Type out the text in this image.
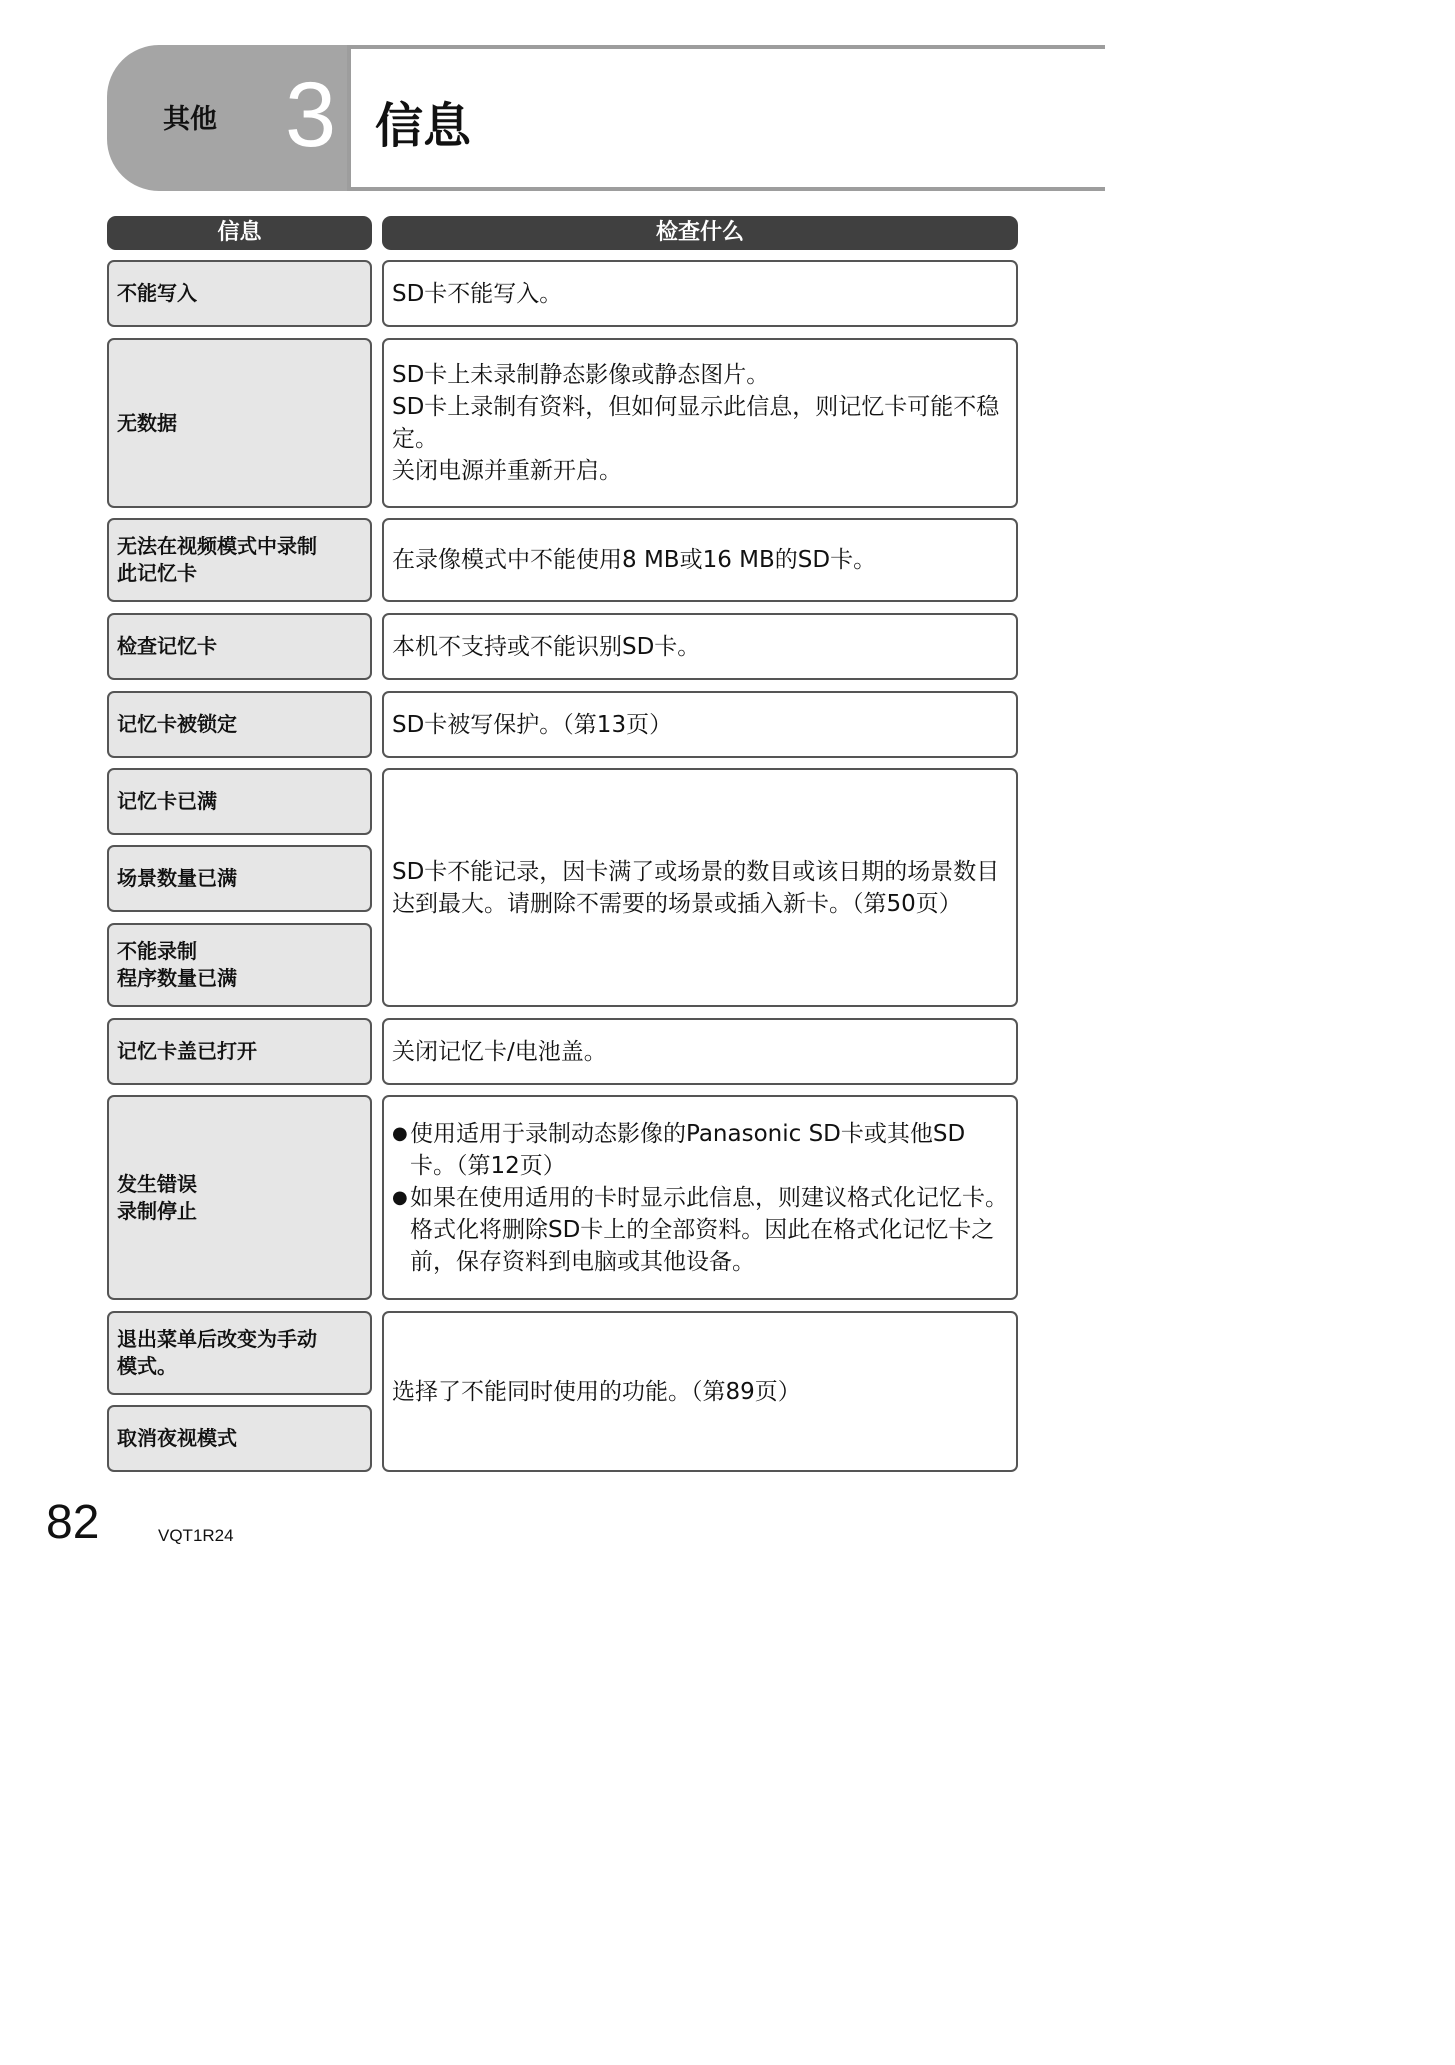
其他 3 信息
信息	检查什么
不能写入
无数据
无法在视频模式中录制
此记忆卡
检查记忆卡
记忆卡被锁定
记忆卡已满
场景数量已满
不能录制
程序数量已满
记忆卡盖已打开
发生错误
录制停止
退出菜单后改变为手动
模式。
取消夜视模式
SD卡不能写入。
SD卡上未录制静态影像或静态图片。
SD卡上录制有资料，但如何显示此信息，则记忆卡可能不稳定。
关闭电源并重新开启。
在录像模式中不能使用8 MB或16 MB的SD卡。
本机不支持或不能识别SD卡。
SD卡被写保护。（第13页）
SD卡不能记录，因卡满了或场景的数目或该日期的场景数目达到最大。请删除不需要的场景或插入新卡。（第50页）
关闭记忆卡/电池盖。
● 使用适用于录制动态影像的Panasonic SD卡或其他SD卡。（第12页）
● 如果在使用适用的卡时显示此信息，则建议格式化记忆卡。格式化将删除SD卡上的全部资料。因此在格式化记忆卡之前，保存资料到电脑或其他设备。
选择了不能同时使用的功能。（第89页）
82	VQT1R24
